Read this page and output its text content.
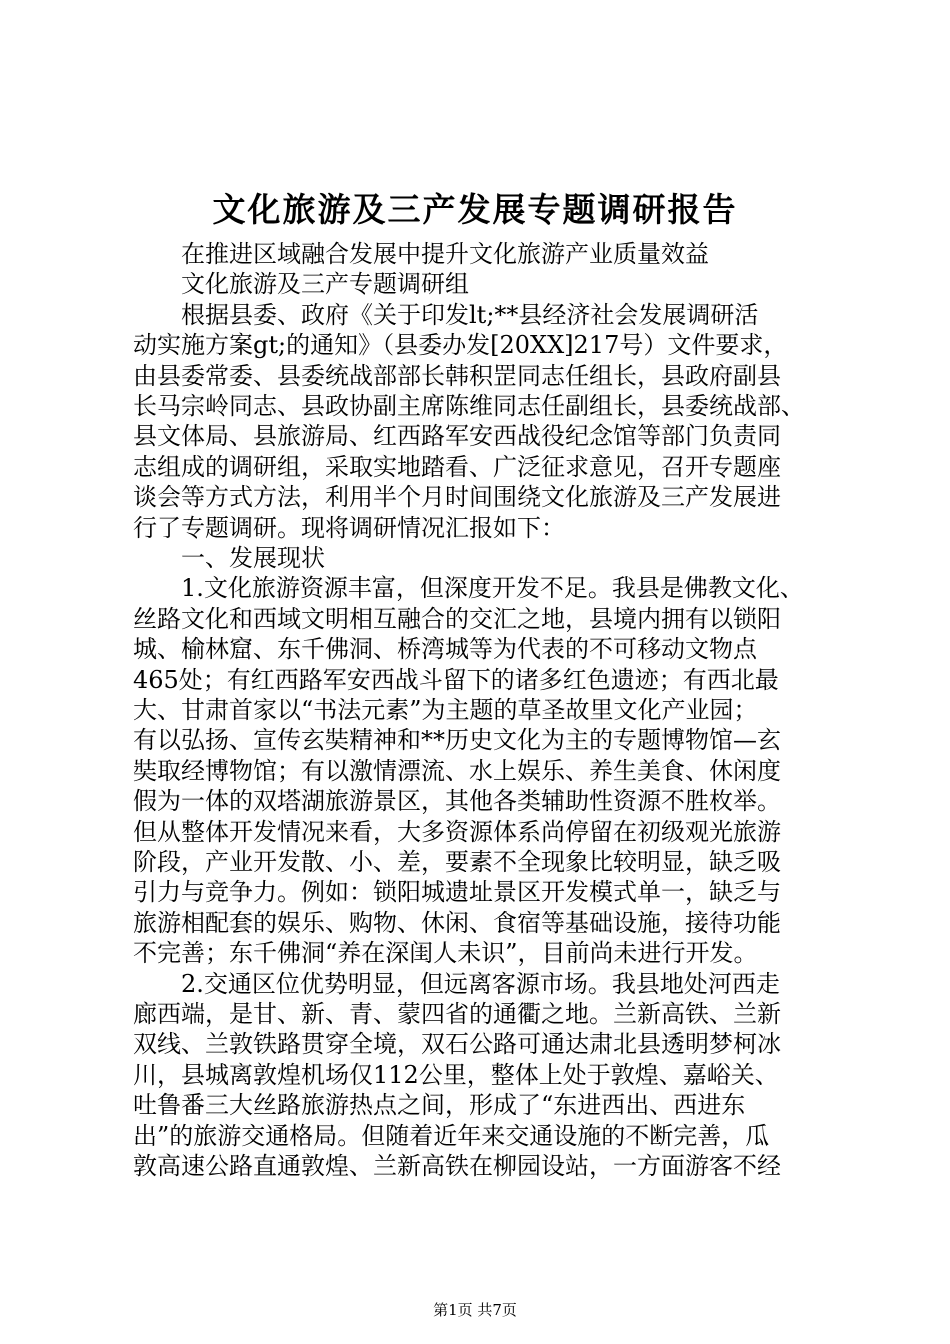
文化旅游及三产发展专题调研报告
　　在推进区域融合发展中提升文化旅游产业质量效益
　　文化旅游及三产专题调研组
　　根据县委、政府《关于印发lt;**县经济社会发展调研活
动实施方案gt;的通知》（县委办发[20XX]217号）文件要求，
由县委常委、县委统战部部长韩积罡同志任组长，县政府副县
长马宗岭同志、县政协副主席陈维同志任副组长，县委统战部、
县文体局、县旅游局、红西路军安西战役纪念馆等部门负责同
志组成的调研组，采取实地踏看、广泛征求意见，召开专题座
谈会等方式方法，利用半个月时间围绕文化旅游及三产发展进
行了专题调研。现将调研情况汇报如下：
　　一、发展现状
　　1.文化旅游资源丰富，但深度开发不足。我县是佛教文化、
丝路文化和西域文明相互融合的交汇之地，县境内拥有以锁阳
城、榆林窟、东千佛洞、桥湾城等为代表的不可移动文物点
465处；有红西路军安西战斗留下的诸多红色遗迹；有西北最
大、甘肃首家以“书法元素”为主题的草圣故里文化产业园；
有以弘扬、宣传玄奘精神和**历史文化为主的专题博物馆—玄
奘取经博物馆；有以激情漂流、水上娱乐、养生美食、休闲度
假为一体的双塔湖旅游景区，其他各类辅助性资源不胜枚举。
但从整体开发情况来看，大多资源体系尚停留在初级观光旅游
阶段，产业开发散、小、差，要素不全现象比较明显，缺乏吸
引力与竞争力。例如：锁阳城遗址景区开发模式单一，缺乏与
旅游相配套的娱乐、购物、休闲、食宿等基础设施，接待功能
不完善；东千佛洞“养在深闺人未识”，目前尚未进行开发。
　　2.交通区位优势明显，但远离客源市场。我县地处河西走
廊西端，是甘、新、青、蒙四省的通衢之地。兰新高铁、兰新
双线、兰敦铁路贯穿全境，双石公路可通达肃北县透明梦柯冰
川，县城离敦煌机场仅112公里，整体上处于敦煌、嘉峪关、
吐鲁番三大丝路旅游热点之间，形成了“东进西出、西进东
出”的旅游交通格局。但随着近年来交通设施的不断完善，瓜
敦高速公路直通敦煌、兰新高铁在柳园设站，一方面游客不经
第1页 共7页
